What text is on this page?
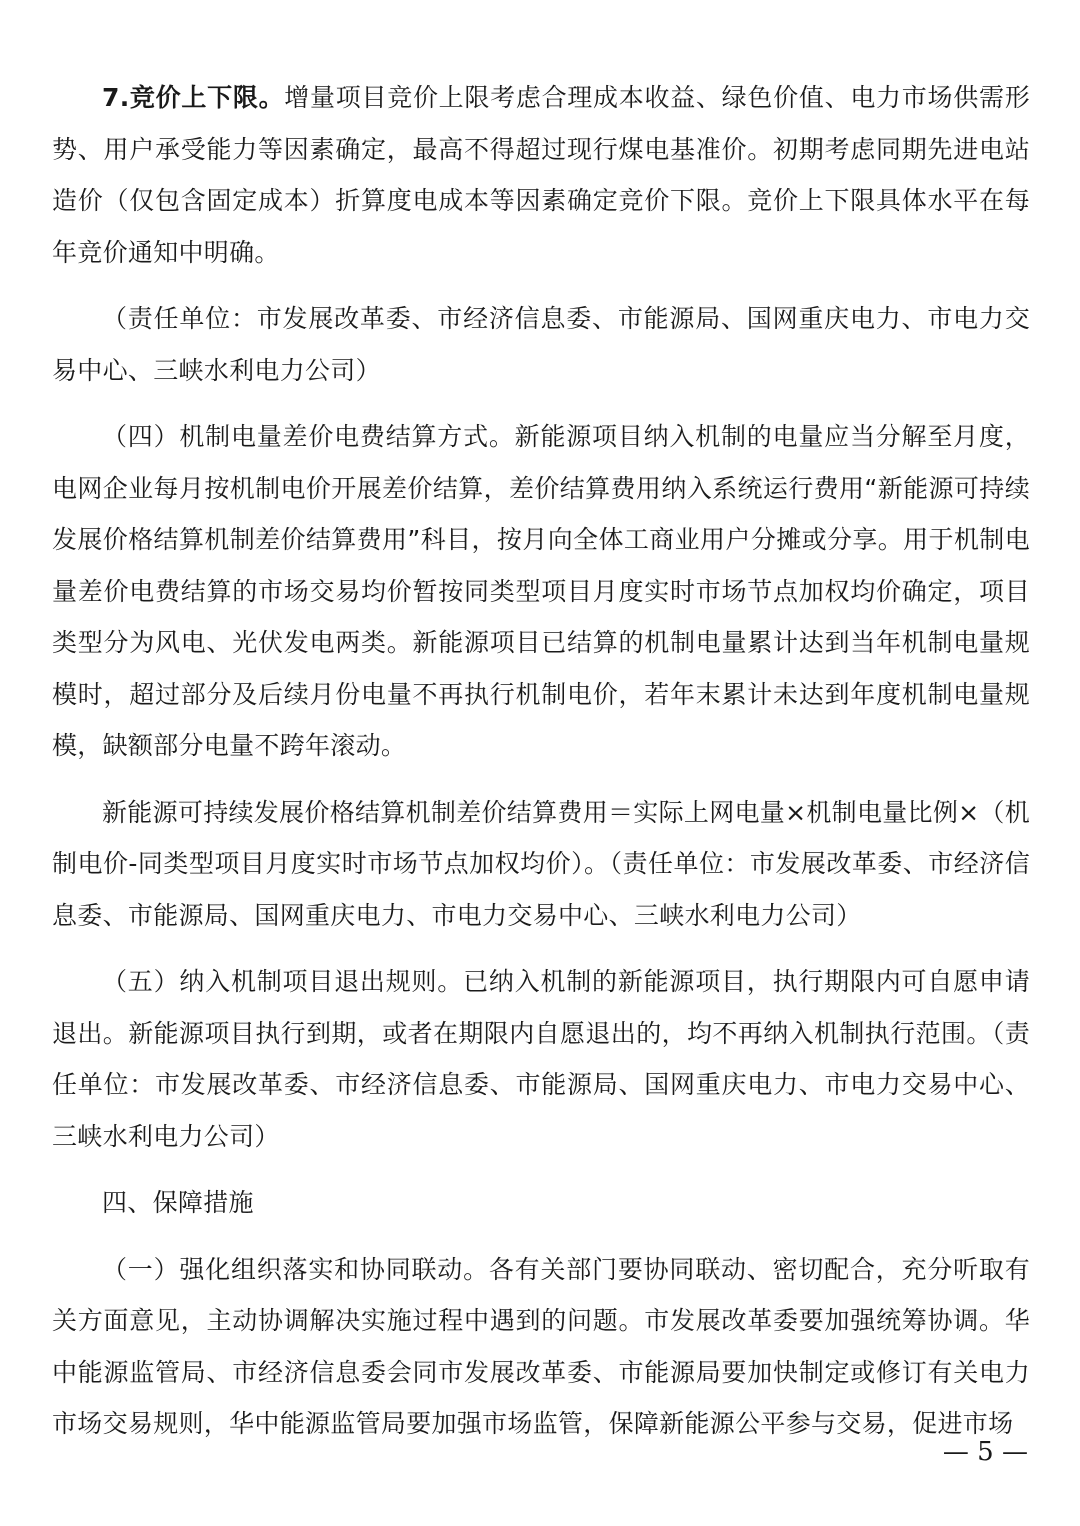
7.竞价上下限。增量项目竞价上限考虑合理成本收益、绿色价值、电力市场供需形势、用户承受能力等因素确定，最高不得超过现行煤电基准价。初期考虑同期先进电站造价（仅包含固定成本）折算度电成本等因素确定竞价下限。竞价上下限具体水平在每年竞价通知中明确。

（责任单位：市发展改革委、市经济信息委、市能源局、国网重庆电力、市电力交易中心、三峡水利电力公司）

（四）机制电量差价电费结算方式。新能源项目纳入机制的电量应当分解至月度，电网企业每月按机制电价开展差价结算，差价结算费用纳入系统运行费用“新能源可持续发展价格结算机制差价结算费用”科目，按月向全体工商业用户分摊或分享。用于机制电量差价电费结算的市场交易均价暂按同类型项目月度实时市场节点加权均价确定，项目类型分为风电、光伏发电两类。新能源项目已结算的机制电量累计达到当年机制电量规模时，超过部分及后续月份电量不再执行机制电价，若年末累计未达到年度机制电量规模，缺额部分电量不跨年滚动。

新能源可持续发展价格结算机制差价结算费用＝实际上网电量×机制电量比例×（机制电价-同类型项目月度实时市场节点加权均价）。（责任单位：市发展改革委、市经济信息委、市能源局、国网重庆电力、市电力交易中心、三峡水利电力公司）

（五）纳入机制项目退出规则。已纳入机制的新能源项目，执行期限内可自愿申请退出。新能源项目执行到期，或者在期限内自愿退出的，均不再纳入机制执行范围。（责任单位：市发展改革委、市经济信息委、市能源局、国网重庆电力、市电力交易中心、三峡水利电力公司）

四、保障措施

（一）强化组织落实和协同联动。各有关部门要协同联动、密切配合，充分听取有关方面意见，主动协调解决实施过程中遇到的问题。市发展改革委要加强统筹协调。华中能源监管局、市经济信息委会同市发展改革委、市能源局要加快制定或修订有关电力市场交易规则，华中能源监管局要加强市场监管，保障新能源公平参与交易，促进市场

— 5 —
